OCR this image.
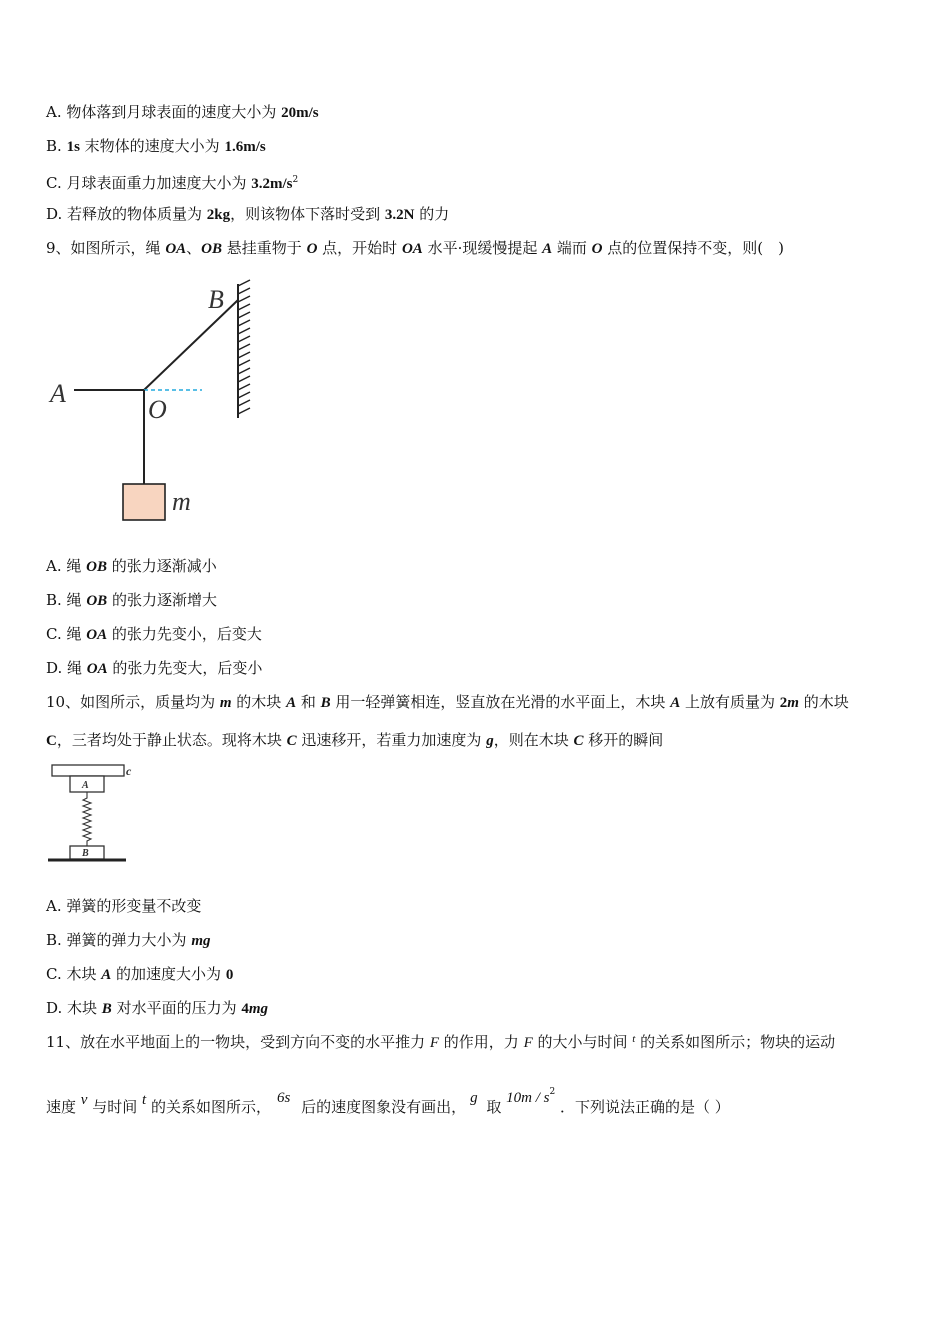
A. 物体落到月球表面的速度大小为 20m/s
B. 1s 末物体的速度大小为 1.6m/s
C. 月球表面重力加速度大小为 $3.2m/s^2$
D. 若释放的物体质量为 2kg，则该物体下落时受到 3.2N 的力
9、如图所示，绳 OA、OB 悬挂重物于 O 点，开始时 OA 水平·现缓慢提起 A 端而 O 点的位置保持不变，则(　)
A
B
O
m
A. 绳 OB 的张力逐渐减小
B. 绳 OB 的张力逐渐增大
C. 绳 OA 的张力先变小，后变大
D. 绳 OA 的张力先变大，后变小
10、如图所示，质量均为 m 的木块 A 和 B 用一轻弹簧相连，竖直放在光滑的水平面上，木块 A 上放有质量为 2m 的木块
C，三者均处于静止状态。现将木块 C 迅速移开，若重力加速度为 g，则在木块 C 移开的瞬间
c
A
B
A. 弹簧的形变量不改变
B. 弹簧的弹力大小为 mg
C. 木块 A 的加速度大小为 0
D. 木块 B 对水平面的压力为 4mg
11、放在水平地面上的一物块，受到方向不变的水平推力 F 的作用，力 F 的大小与时间 $^t$ 的关系如图所示；物块的运动
速度 v 与时间 t 的关系如图所示， 6s 后的速度图象没有画出， g 取 $10m / s^2$ ．下列说法正确的是（ ）
